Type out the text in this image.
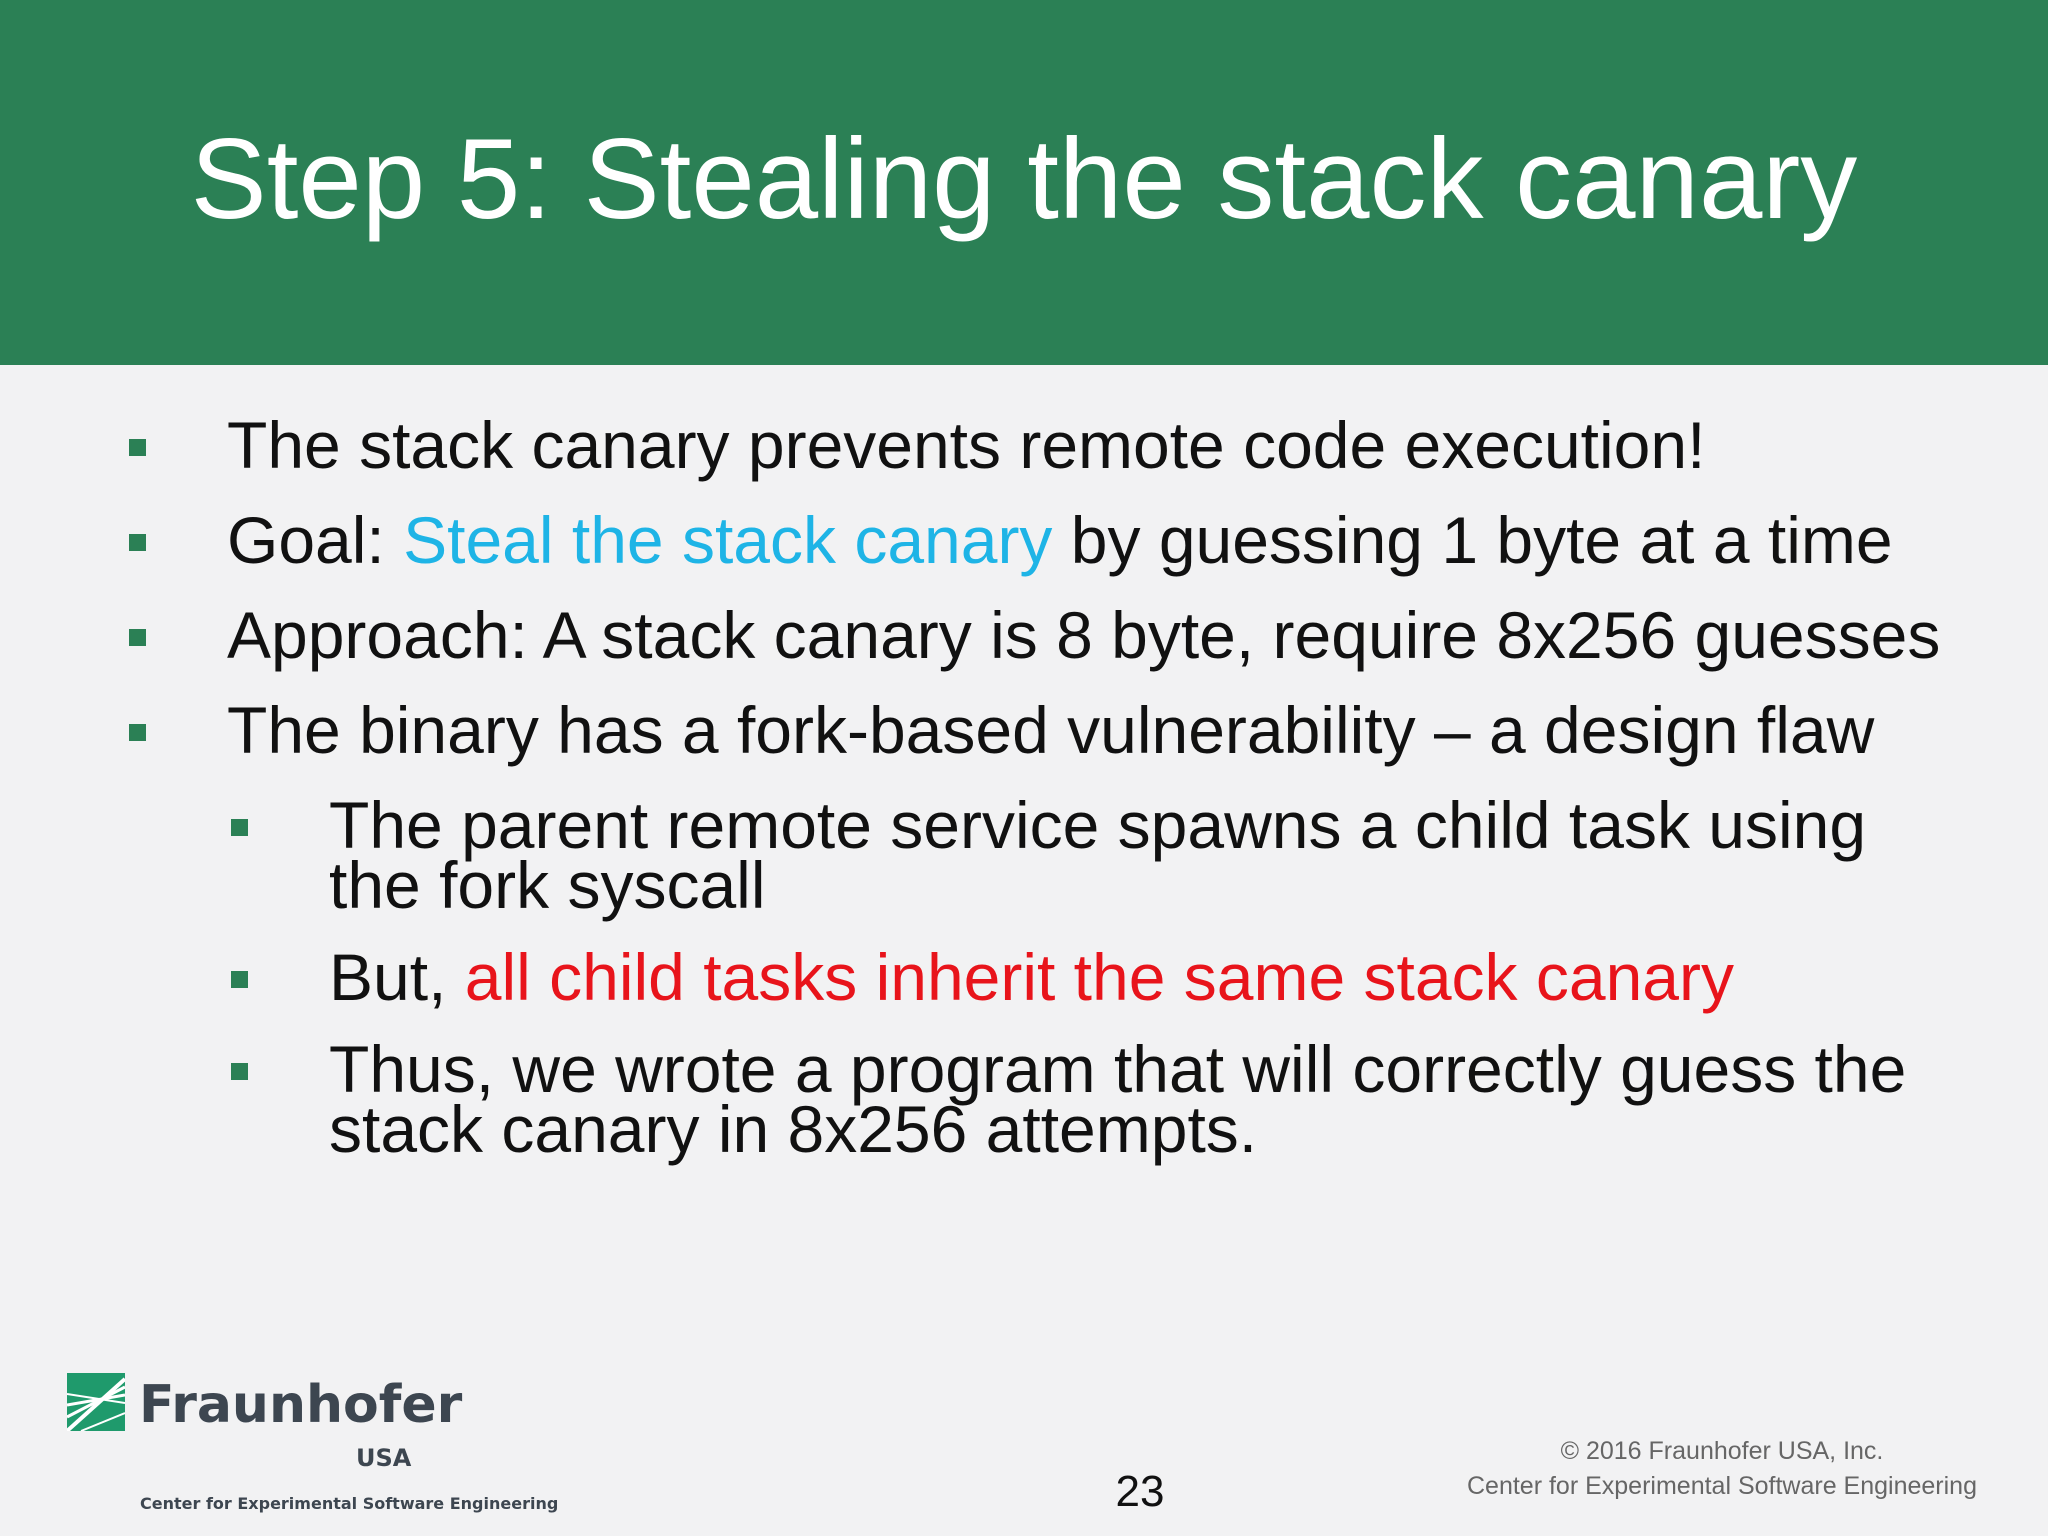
Step 5: Stealing the stack canary
The stack canary prevents remote code execution!
Goal: Steal the stack canary by guessing 1 byte at a time
Approach: A stack canary is 8 byte, require 8x256 guesses
The binary has a fork-based vulnerability – a design flaw
The parent remote service spawns a child task using the fork syscall
But, all child tasks inherit the same stack canary
Thus, we wrote a program that will correctly guess the stack canary in 8x256 attempts.
Fraunhofer
USA
Center for Experimental Software Engineering	23
© 2016 Fraunhofer USA, Inc.
Center for Experimental Software Engineering
